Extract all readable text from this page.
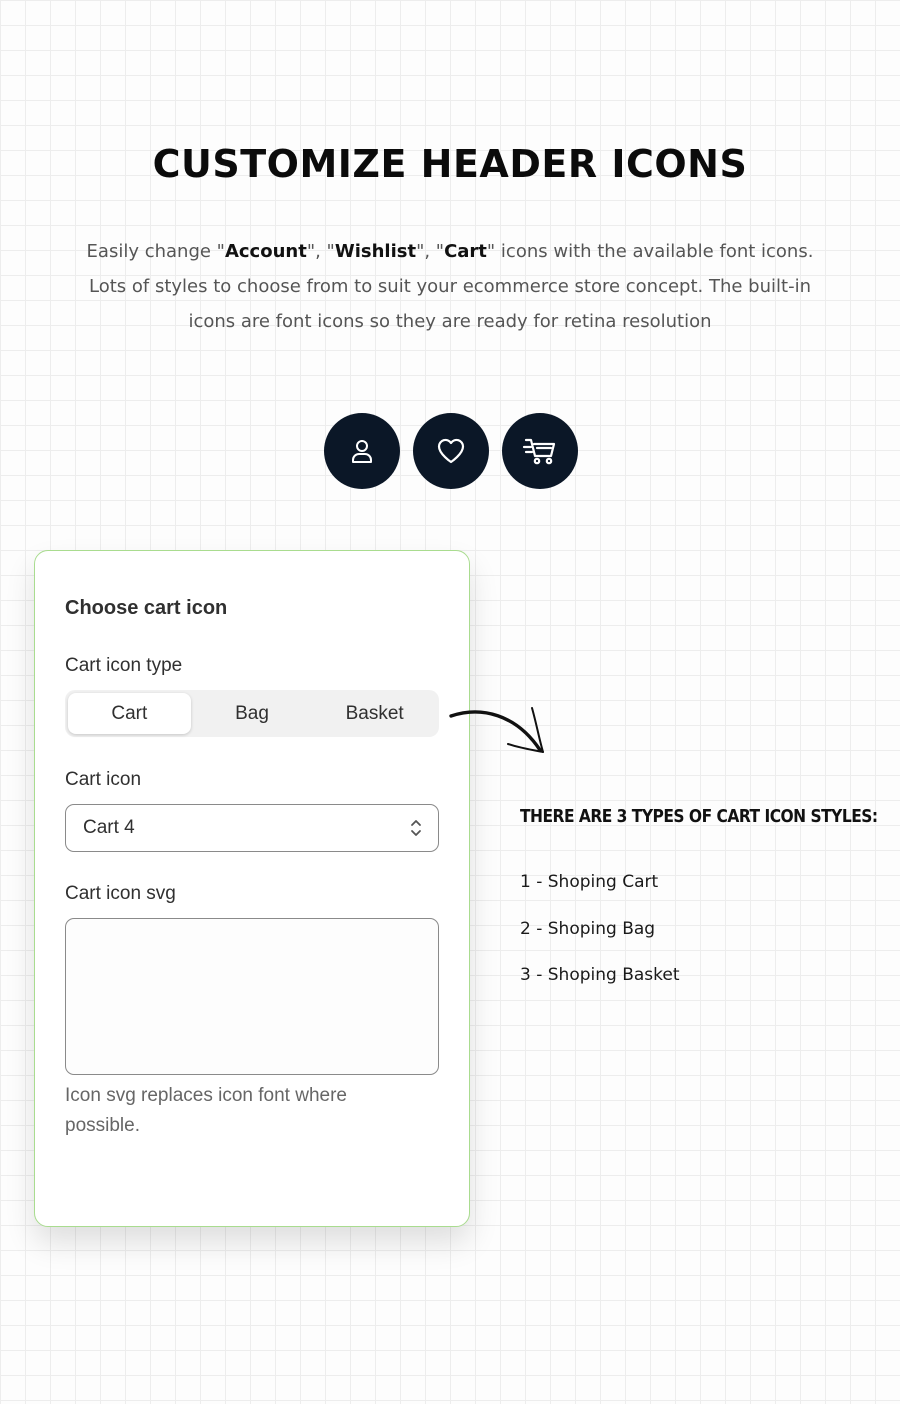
CUSTOMIZE HEADER ICONS

Easily change "Account", "Wishlist", "Cart" icons with the available font icons. Lots of styles to choose from to suit your ecommerce store concept. The built-in icons are font icons so they are ready for retina resolution

Choose cart icon
Cart icon type
Cart	Bag	Basket
Cart icon
Cart 4
Cart icon svg

Icon svg replaces icon font where possible.

THERE ARE 3 TYPES OF CART ICON STYLES:
1 - Shoping Cart
2 - Shoping Bag
3 - Shoping Basket
